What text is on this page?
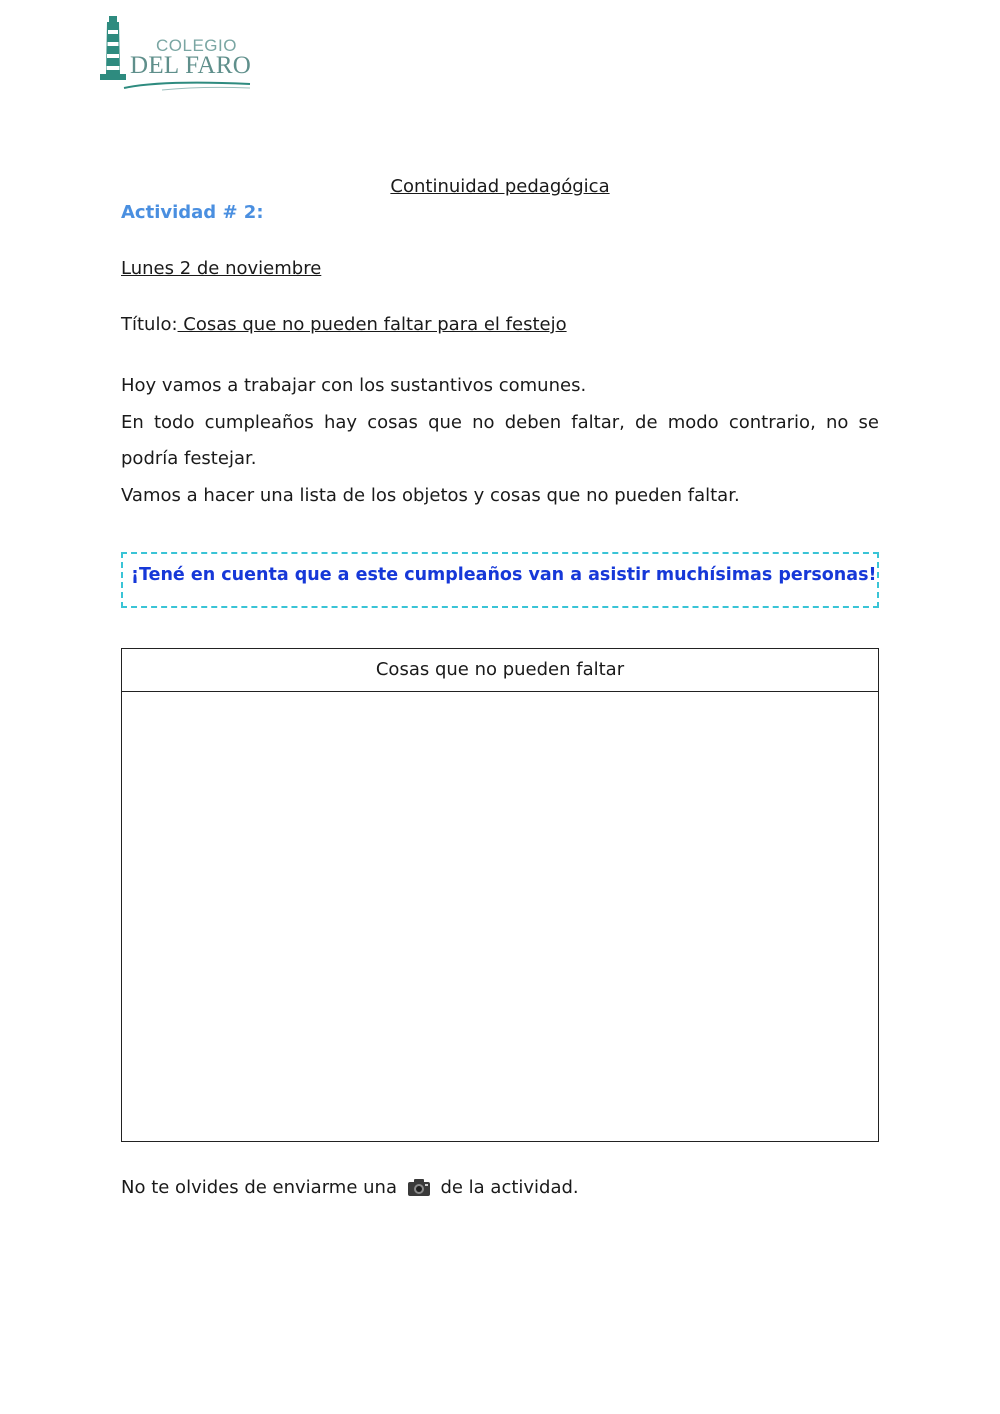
COLEGIO
DEL FARO
Continuidad pedagógica
Actividad # 2:
Lunes 2 de noviembre
Título: Cosas que no pueden faltar para el festejo

Hoy vamos a trabajar con los sustantivos comunes.

En todo cumpleaños hay cosas que no deben faltar, de modo contrario, no se podría festejar.

Vamos a hacer una lista de los objetos y cosas que no pueden faltar.

¡Tené en cuenta que a este cumpleaños van a asistir muchísimas personas!
Cosas que no pueden faltar
No te olvides de enviarme una de la actividad.
